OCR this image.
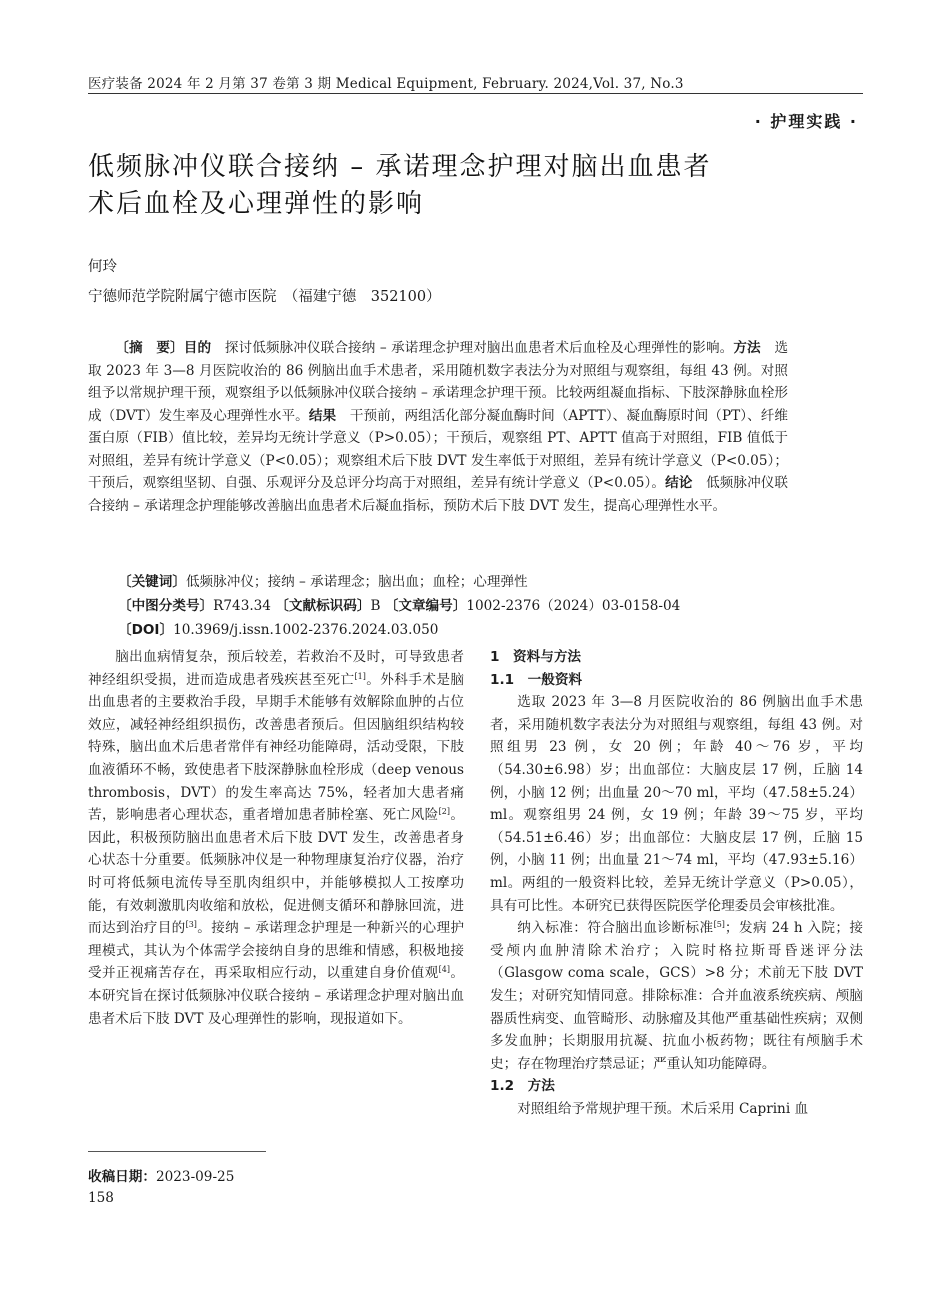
医疗装备 2024 年 2 月第 37 卷第 3 期 Medical Equipment, February. 2024,Vol. 37, No.3
· 护理实践 ·
低频脉冲仪联合接纳 – 承诺理念护理对脑出血患者
术后血栓及心理弹性的影响
何玲
宁德师范学院附属宁德市医院　（福建宁德　352100）
〔摘　要〕目的　探讨低频脉冲仪联合接纳 – 承诺理念护理对脑出血患者术后血栓及心理弹性的影响。方法　选取 2023 年 3—8 月医院收治的 86 例脑出血手术患者，采用随机数字表法分为对照组与观察组，每组 43 例。对照组予以常规护理干预，观察组予以低频脉冲仪联合接纳 – 承诺理念护理干预。比较两组凝血指标、下肢深静脉血栓形成（DVT）发生率及心理弹性水平。结果　干预前，两组活化部分凝血酶时间（APTT）、凝血酶原时间（PT）、纤维蛋白原（FIB）值比较，差异均无统计学意义（P>0.05）；干预后，观察组 PT、APTT 值高于对照组，FIB 值低于对照组，差异有统计学意义（P<0.05）；观察组术后下肢 DVT 发生率低于对照组，差异有统计学意义（P<0.05）；干预后，观察组坚韧、自强、乐观评分及总评分均高于对照组，差异有统计学意义（P<0.05）。结论　低频脉冲仪联合接纳 – 承诺理念护理能够改善脑出血患者术后凝血指标，预防术后下肢 DVT 发生，提高心理弹性水平。
〔关键词〕低频脉冲仪；接纳 – 承诺理念；脑出血；血栓；心理弹性
〔中图分类号〕R743.34 〔文献标识码〕B 〔文章编号〕1002-2376（2024）03-0158-04
〔DOI〕10.3969/j.issn.1002-2376.2024.03.050

脑出血病情复杂，预后较差，若救治不及时，可导致患者神经组织受损，进而造成患者残疾甚至死亡[1]。外科手术是脑出血患者的主要救治手段，早期手术能够有效解除血肿的占位效应，减轻神经组织损伤，改善患者预后。但因脑组织结构较特殊，脑出血术后患者常伴有神经功能障碍，活动受限，下肢血液循环不畅，致使患者下肢深静脉血栓形成（deep venous thrombosis，DVT）的发生率高达 75%，轻者加大患者痛苦，影响患者心理状态，重者增加患者肺栓塞、死亡风险[2]。因此，积极预防脑出血患者术后下肢 DVT 发生，改善患者身心状态十分重要。低频脉冲仪是一种物理康复治疗仪器，治疗时可将低频电流传导至肌肉组织中，并能够模拟人工按摩功能，有效刺激肌肉收缩和放松，促进侧支循环和静脉回流，进而达到治疗目的[3]。接纳 – 承诺理念护理是一种新兴的心理护理模式，其认为个体需学会接纳自身的思维和情感，积极地接受并正视痛苦存在，再采取相应行动，以重建自身价值观[4]。本研究旨在探讨低频脉冲仪联合接纳 – 承诺理念护理对脑出血患者术后下肢 DVT 及心理弹性的影响，现报道如下。

1　资料与方法

1.1　一般资料

选取 2023 年 3—8 月医院收治的 86 例脑出血手术患者，采用随机数字表法分为对照组与观察组，每组 43 例。对照组男 23 例，女 20 例；年龄 40～76 岁，平均（54.30±6.98）岁；出血部位：大脑皮层 17 例，丘脑 14 例，小脑 12 例；出血量 20～70 ml，平均（47.58±5.24）ml。观察组男 24 例，女 19 例；年龄 39～75 岁，平均（54.51±6.46）岁；出血部位：大脑皮层 17 例，丘脑 15 例，小脑 11 例；出血量 21～74 ml，平均（47.93±5.16）ml。两组的一般资料比较，差异无统计学意义（P>0.05），具有可比性。本研究已获得医院医学伦理委员会审核批准。

纳入标准：符合脑出血诊断标准[5]；发病 24 h 入院；接受颅内血肿清除术治疗；入院时格拉斯哥昏迷评分法（Glasgow coma scale，GCS）>8 分；术前无下肢 DVT 发生；对研究知情同意。排除标准：合并血液系统疾病、颅脑器质性病变、血管畸形、动脉瘤及其他严重基础性疾病；双侧多发血肿；长期服用抗凝、抗血小板药物；既往有颅脑手术史；存在物理治疗禁忌证；严重认知功能障碍。

1.2　方法

对照组给予常规护理干预。术后采用 Caprini 血

收稿日期：2023-09-25
158
